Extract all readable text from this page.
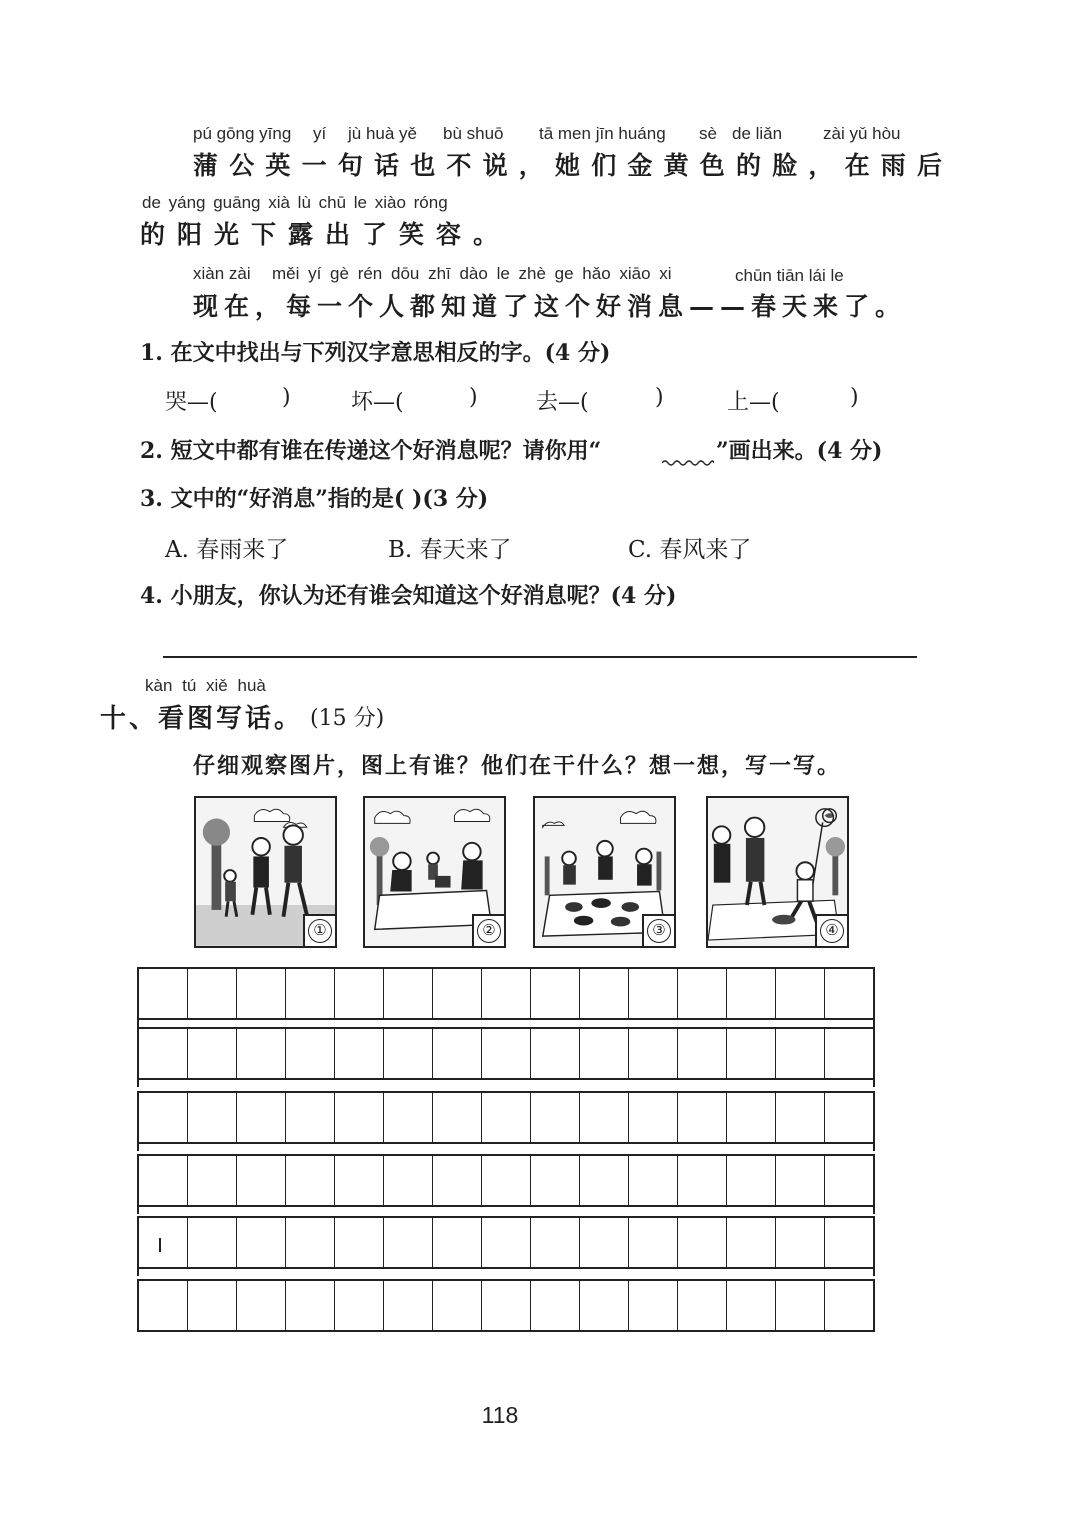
pú gōng yīng yí jù huà yě bù shuō tā men jīn huáng sè de liǎn zài yǔ hòu
蒲公英一句话也不说，她们金黄色的脸，在雨后
de yáng guāng xià lù chū le xiào róng
的阳光下露出了笑容。
xiàn zài měi yí gè rén dōu zhī dào le zhè ge hǎo xiāo xi	chūn tiān lái le
现在，每一个人都知道了这个好消息——春天来了。
1. 在文中找出与下列汉字意思相反的字。(4 分)
哭—(	)	坏—(	)	去—(	)	上—(	)
2. 短文中都有谁在传递这个好消息呢？请你用“	”画出来。(4 分)
3. 文中的“好消息”指的是( )(3 分)
A. 春雨来了	B. 春天来了	C. 春风来了
4. 小朋友，你认为还有谁会知道这个好消息呢？(4 分)
kàn tú xiě huà
十、看图写话。 (15 分)
仔细观察图片，图上有谁？他们在干什么？想一想，写一写。
①	②	③	④
118
